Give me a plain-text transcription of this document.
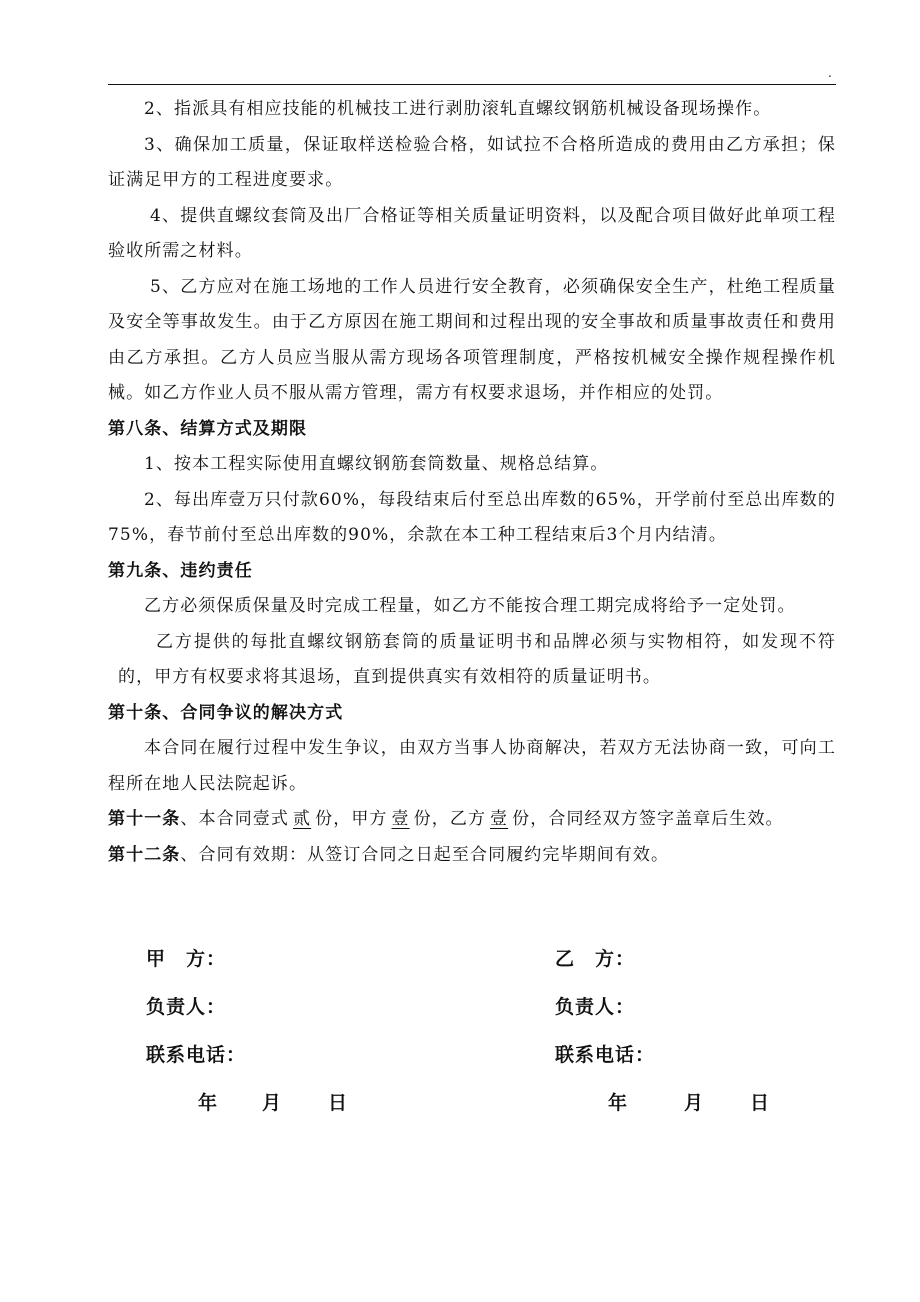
.

2、指派具有相应技能的机械技工进行剥肋滚轧直螺纹钢筋机械设备现场操作。

3、确保加工质量，保证取样送检验合格，如试拉不合格所造成的费用由乙方承担；保证满足甲方的工程进度要求。

4、提供直螺纹套筒及出厂合格证等相关质量证明资料，以及配合项目做好此单项工程验收所需之材料。

5、乙方应对在施工场地的工作人员进行安全教育，必须确保安全生产，杜绝工程质量及安全等事故发生。由于乙方原因在施工期间和过程出现的安全事故和质量事故责任和费用由乙方承担。乙方人员应当服从需方现场各项管理制度，严格按机械安全操作规程操作机械。如乙方作业人员不服从需方管理，需方有权要求退场，并作相应的处罚。

第八条、结算方式及期限

1、按本工程实际使用直螺纹钢筋套筒数量、规格总结算。

2、每出库壹万只付款60%，每段结束后付至总出库数的65%，开学前付至总出库数的75%，春节前付至总出库数的90%，余款在本工种工程结束后3个月内结清。

第九条、违约责任

乙方必须保质保量及时完成工程量，如乙方不能按合理工期完成将给予一定处罚。

乙方提供的每批直螺纹钢筋套筒的质量证明书和品牌必须与实物相符，如发现不符的，甲方有权要求将其退场，直到提供真实有效相符的质量证明书。

第十条、合同争议的解决方式

本合同在履行过程中发生争议，由双方当事人协商解决，若双方无法协商一致，可向工程所在地人民法院起诉。

第十一条、本合同壹式 贰 份，甲方 壹 份，乙方 壹 份，合同经双方签字盖章后生效。

第十二条、合同有效期：从签订合同之日起至合同履约完毕期间有效。

甲　方：	乙　方：
负责人：	负责人：
联系电话：	联系电话：
年 月 日	年	月 日
